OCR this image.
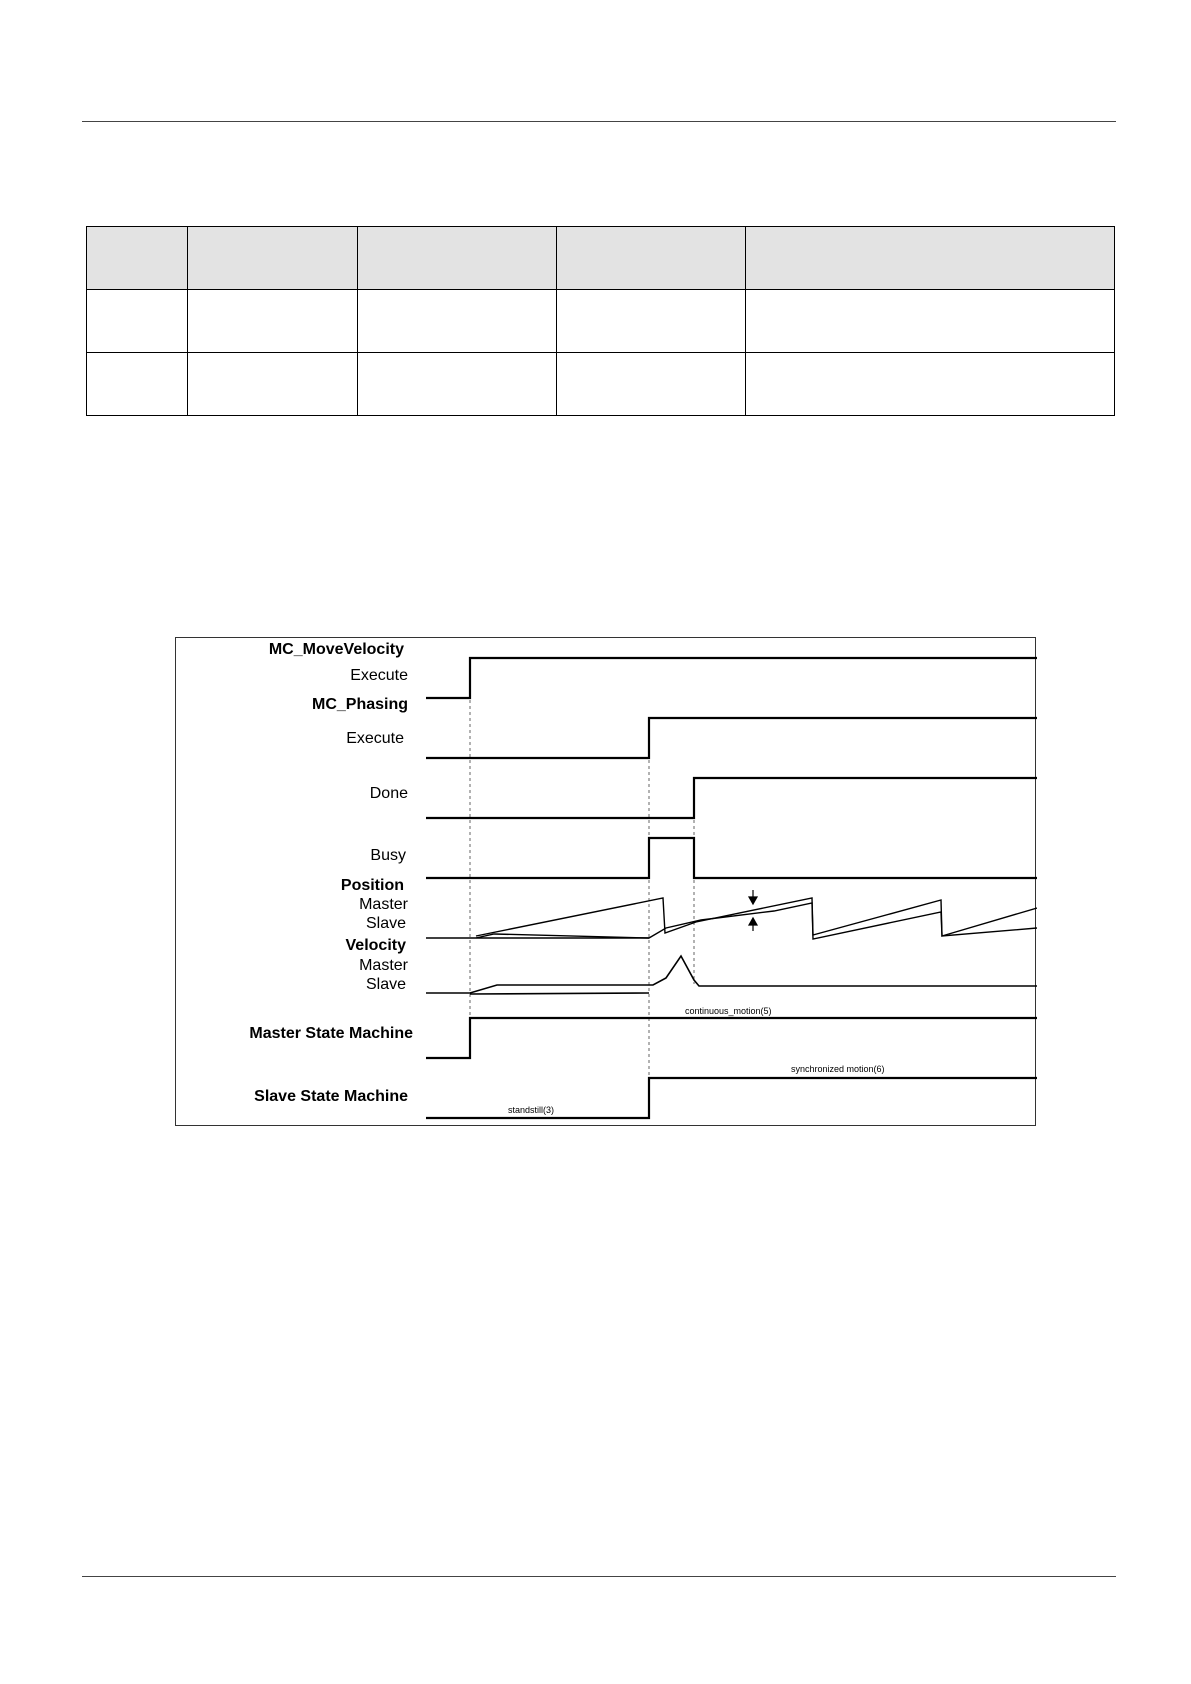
MC_MoveVelocity
Execute
MC_Phasing
Execute
Done
Busy
Position
Master
Slave
Velocity
Master
Slave
Master State Machine
Slave State Machine
continuous_motion(5)
synchronized motion(6)
standstill(3)
